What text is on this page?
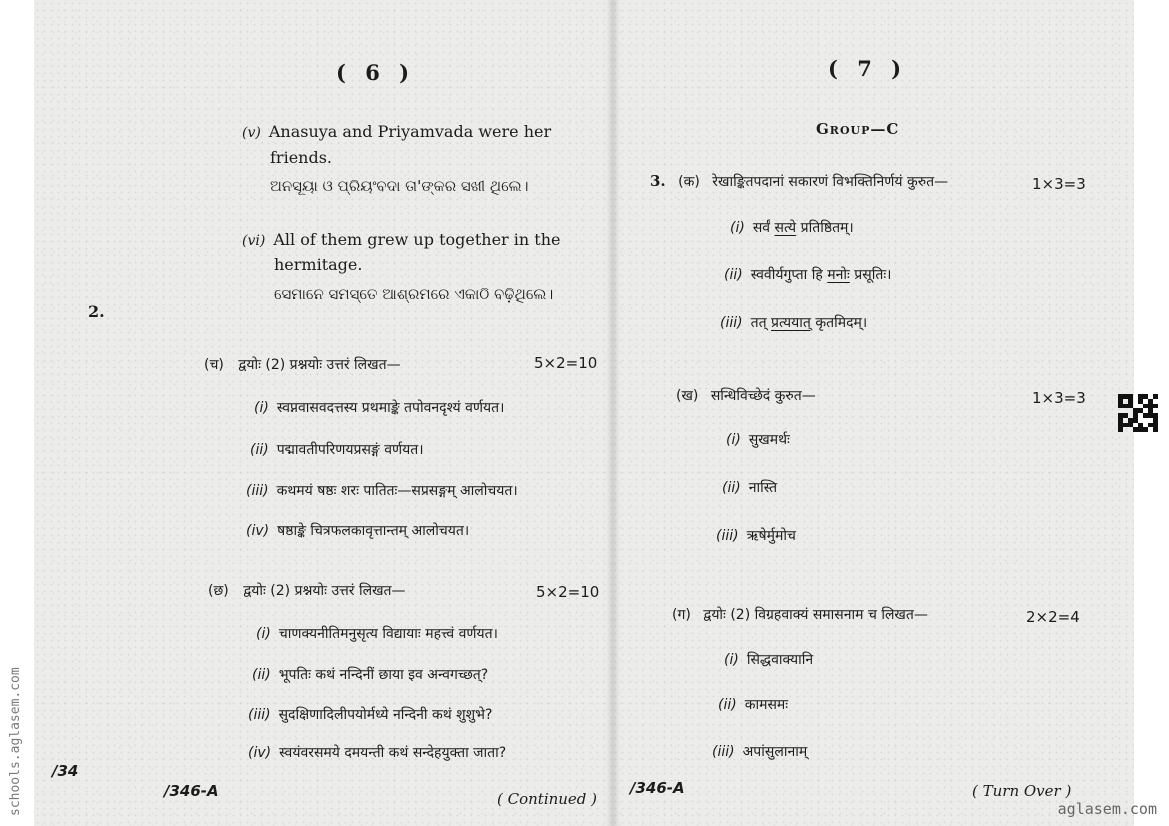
( 6 )
(v) Anasuya and Priyamvada were her
friends.
ଅନସୂୟା ଓ ପ୍ରିୟଂବଦା ତା'ଙ୍କର ସଖୀ ଥିଲେ।
(vi) All of them grew up together in the
hermitage.
ସେମାନେ ସମସ୍ତେ ଆଶ୍ରମରେ ଏକାଠି ବଢ଼ିଥିଲେ।
2.
(च) द्वयोः (2) प्रश्नयोः उत्तरं लिखत—	5×2=10
(i) स्वप्नवासवदत्तस्य प्रथमाङ्के तपोवनदृश्यं वर्णयत।
(ii) पद्मावतीपरिणयप्रसङ्गं वर्णयत।
(iii) कथमयं षष्ठः शरः पातितः—सप्रसङ्गम् आलोचयत।
(iv) षष्ठाङ्के चित्रफलकावृत्तान्तम् आलोचयत।
(छ) द्वयोः (2) प्रश्नयोः उत्तरं लिखत—	5×2=10
(i) चाणक्यनीतिमनुसृत्य विद्यायाः महत्त्वं वर्णयत।
(ii) भूपतिः कथं नन्दिनीं छाया इव अन्वगच्छत्?
(iii) सुदक्षिणादिलीपयोर्मध्ये नन्दिनी कथं शुशुभे?
(iv) स्वयंवरसमये दमयन्ती कथं सन्देहयुक्ता जाता?
/34
/346-A	( Continued )
( 7 )
Group—C
3. (क) रेखाङ्कितपदानां सकारणं विभक्तिनिर्णयं कुरुत—	1×3=3
(i) सर्वं सत्ये प्रतिष्ठितम्।
(ii) स्ववीर्यगुप्ता हि मनोः प्रसूतिः।
(iii) तत् प्रत्ययात् कृतमिदम्।
(ख) सन्धिविच्छेदं कुरुत—	1×3=3
(i) सुखमर्थः
(ii) नास्ति
(iii) ऋषेर्मुमोच
(ग) द्वयोः (2) विग्रहवाक्यं समासनाम च लिखत—	2×2=4
(i) सिद्धवाक्यानि
(ii) कामसमः
(iii) अपांसुलानाम्
/346-A	( Turn Over )
schools.aglasem.com	aglasem.com
